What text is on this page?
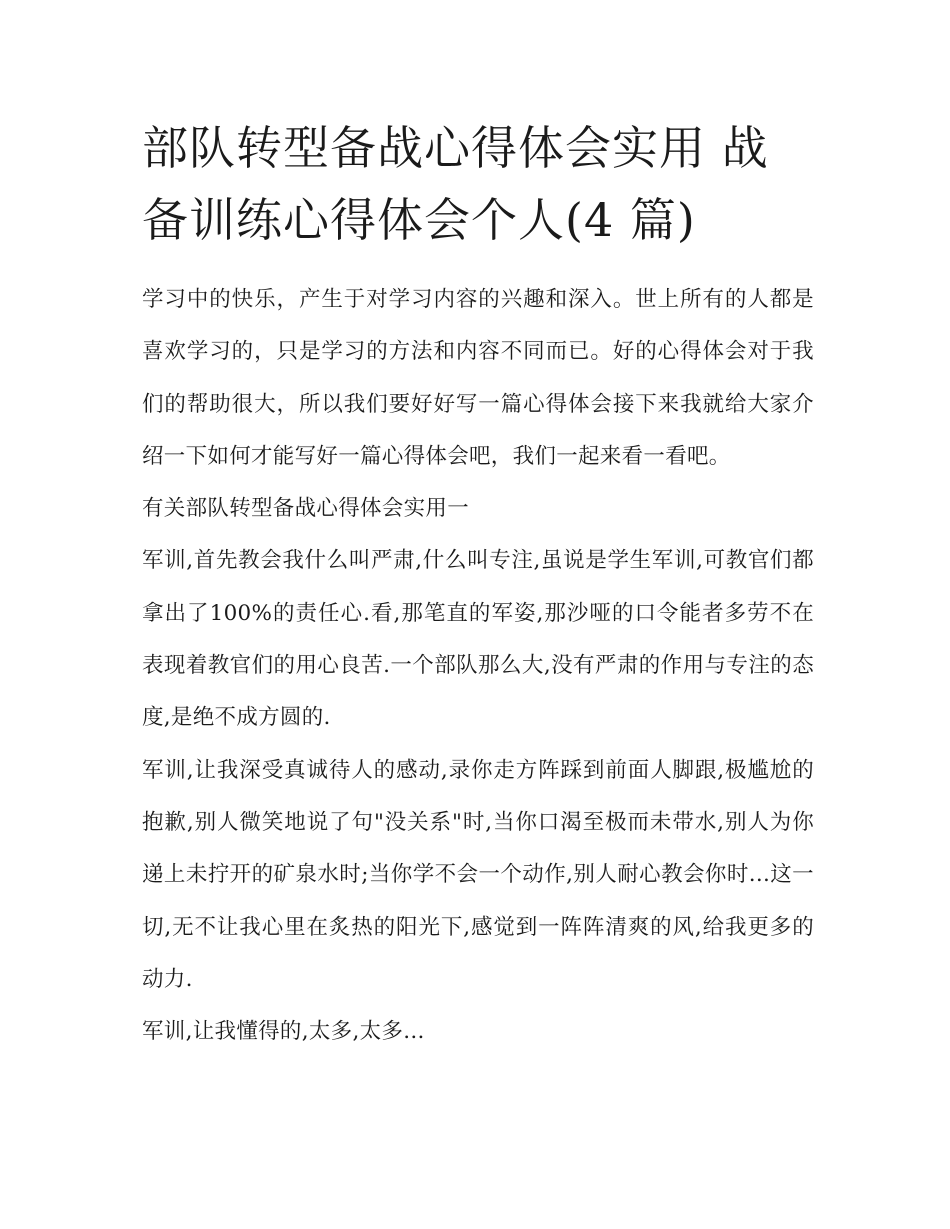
部队转型备战心得体会实用 战备训练心得体会个人(4 篇)

学习中的快乐，产生于对学习内容的兴趣和深入。世上所有的人都是喜欢学习的，只是学习的方法和内容不同而已。好的心得体会对于我们的帮助很大，所以我们要好好写一篇心得体会接下来我就给大家介绍一下如何才能写好一篇心得体会吧，我们一起来看一看吧。

有关部队转型备战心得体会实用一

军训,首先教会我什么叫严肃,什么叫专注,虽说是学生军训,可教官们都拿出了100%的责任心.看,那笔直的军姿,那沙哑的口令能者多劳不在表现着教官们的用心良苦.一个部队那么大,没有严肃的作用与专注的态度,是绝不成方圆的.

军训,让我深受真诚待人的感动,录你走方阵踩到前面人脚跟,极尴尬的抱歉,别人微笑地说了句"没关系"时,当你口渴至极而未带水,别人为你递上未拧开的矿泉水时;当你学不会一个动作,别人耐心教会你时...这一切,无不让我心里在炙热的阳光下,感觉到一阵阵清爽的风,给我更多的动力.

军训,让我懂得的,太多,太多...
